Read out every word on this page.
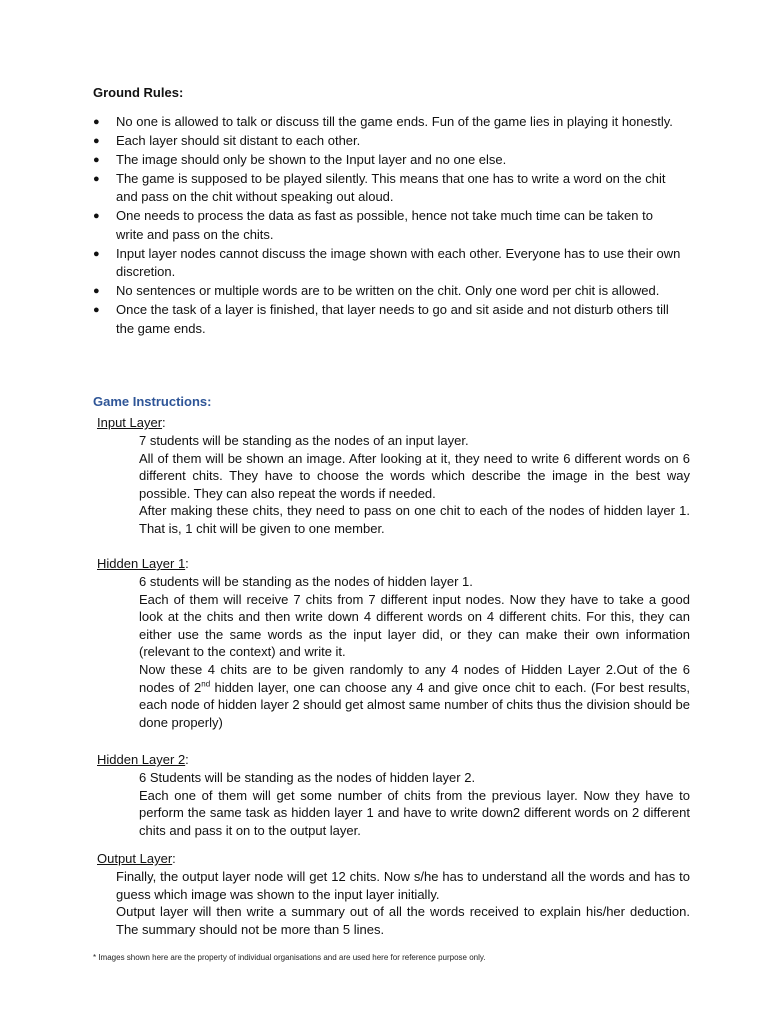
Ground Rules:
● No one is allowed to talk or discuss till the game ends. Fun of the game lies in playing it honestly.
● Each layer should sit distant to each other.
● The image should only be shown to the Input layer and no one else.
● The game is supposed to be played silently. This means that one has to write a word on the chit and pass on the chit without speaking out aloud.
● One needs to process the data as fast as possible, hence not take much time can be taken to write and pass on the chits.
● Input layer nodes cannot discuss the image shown with each other. Everyone has to use their own discretion.
● No sentences or multiple words are to be written on the chit. Only one word per chit is allowed.
● Once the task of a layer is finished, that layer needs to go and sit aside and not disturb others till the game ends.
Game Instructions:
Input Layer:
7 students will be standing as the nodes of an input layer.
All of them will be shown an image. After looking at it, they need to write 6 different words on 6 different chits. They have to choose the words which describe the image in the best way possible. They can also repeat the words if needed.
After making these chits, they need to pass on one chit to each of the nodes of hidden layer 1. That is, 1 chit will be given to one member.
Hidden Layer 1:
6 students will be standing as the nodes of hidden layer 1.
Each of them will receive 7 chits from 7 different input nodes. Now they have to take a good look at the chits and then write down 4 different words on 4 different chits. For this, they can either use the same words as the input layer did, or they can make their own information (relevant to the context) and write it.
Now these 4 chits are to be given randomly to any 4 nodes of Hidden Layer 2.Out of the 6 nodes of 2nd hidden layer, one can choose any 4 and give once chit to each. (For best results, each node of hidden layer 2 should get almost same number of chits thus the division should be done properly)
Hidden Layer 2:
6 Students will be standing as the nodes of hidden layer 2.
Each one of them will get some number of chits from the previous layer. Now they have to perform the same task as hidden layer 1 and have to write down2 different words on 2 different chits and pass it on to the output layer.
Output Layer:
Finally, the output layer node will get 12 chits. Now s/he has to understand all the words and has to guess which image was shown to the input layer initially.
Output layer will then write a summary out of all the words received to explain his/her deduction. The summary should not be more than 5 lines.
* Images shown here are the property of individual organisations and are used here for reference purpose only.
